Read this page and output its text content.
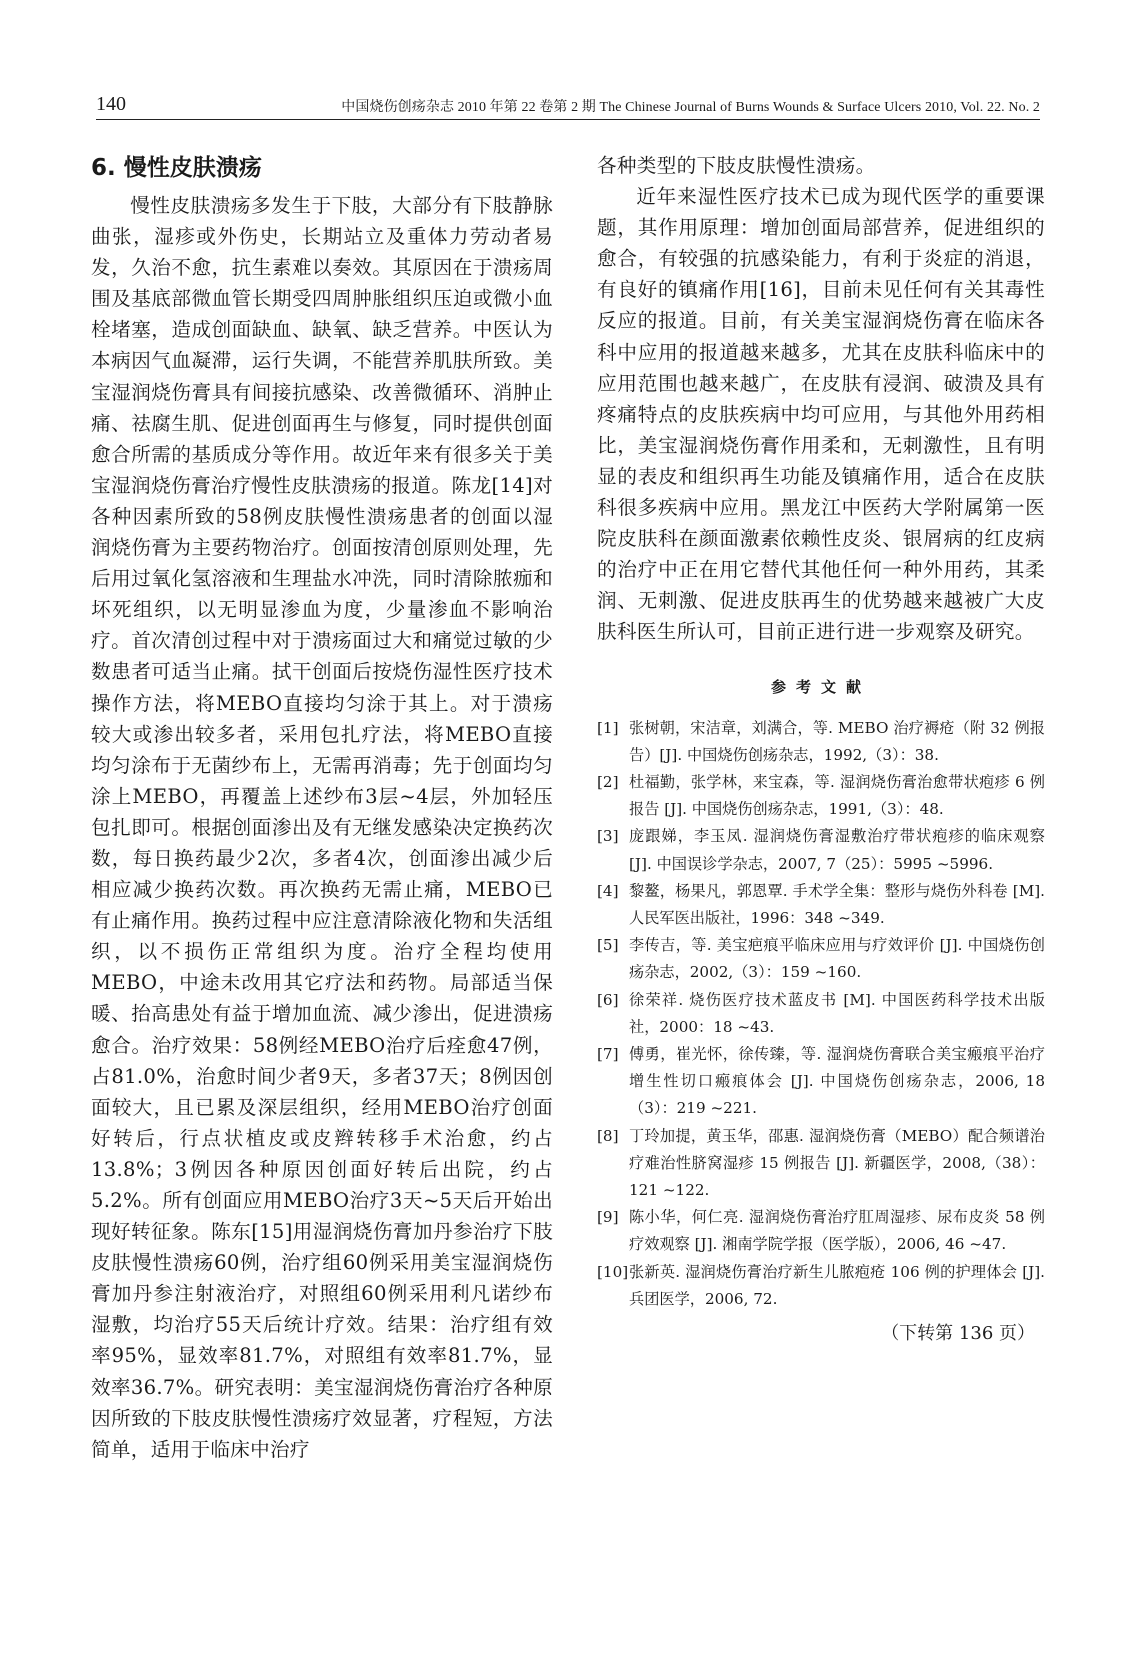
140	中国烧伤创疡杂志 2010 年第 22 卷第 2 期 The Chinese Journal of Burns Wounds & Surface Ulcers 2010, Vol. 22. No. 2
6. 慢性皮肤溃疡

慢性皮肤溃疡多发生于下肢，大部分有下肢静脉曲张，湿疹或外伤史，长期站立及重体力劳动者易发，久治不愈，抗生素难以奏效。其原因在于溃疡周围及基底部微血管长期受四周肿胀组织压迫或微小血栓堵塞，造成创面缺血、缺氧、缺乏营养。中医认为本病因气血凝滞，运行失调，不能营养肌肤所致。美宝湿润烧伤膏具有间接抗感染、改善微循环、消肿止痛、祛腐生肌、促进创面再生与修复，同时提供创面愈合所需的基质成分等作用。故近年来有很多关于美宝湿润烧伤膏治疗慢性皮肤溃疡的报道。陈龙[14]对各种因素所致的58例皮肤慢性溃疡患者的创面以湿润烧伤膏为主要药物治疗。创面按清创原则处理，先后用过氧化氢溶液和生理盐水冲洗，同时清除脓痂和坏死组织，以无明显渗血为度，少量渗血不影响治疗。首次清创过程中对于溃疡面过大和痛觉过敏的少数患者可适当止痛。拭干创面后按烧伤湿性医疗技术操作方法，将MEBO直接均匀涂于其上。对于溃疡较大或渗出较多者，采用包扎疗法，将MEBO直接均匀涂布于无菌纱布上，无需再消毒；先于创面均匀涂上MEBO，再覆盖上述纱布3层~4层，外加轻压包扎即可。根据创面渗出及有无继发感染决定换药次数，每日换药最少2次，多者4次，创面渗出减少后相应减少换药次数。再次换药无需止痛，MEBO已有止痛作用。换药过程中应注意清除液化物和失活组织，以不损伤正常组织为度。治疗全程均使用MEBO，中途未改用其它疗法和药物。局部适当保暖、抬高患处有益于增加血流、减少渗出，促进溃疡愈合。治疗效果：58例经MEBO治疗后痊愈47例，占81.0%，治愈时间少者9天，多者37天；8例因创面较大，且已累及深层组织，经用MEBO治疗创面好转后，行点状植皮或皮辫转移手术治愈，约占13.8%；3例因各种原因创面好转后出院，约占5.2%。所有创面应用MEBO治疗3天~5天后开始出现好转征象。陈东[15]用湿润烧伤膏加丹参治疗下肢皮肤慢性溃疡60例，治疗组60例采用美宝湿润烧伤膏加丹参注射液治疗，对照组60例采用利凡诺纱布湿敷，均治疗55天后统计疗效。结果：治疗组有效率95%，显效率81.7%，对照组有效率81.7%，显效率36.7%。研究表明：美宝湿润烧伤膏治疗各种原因所致的下肢皮肤慢性溃疡疗效显著，疗程短，方法简单，适用于临床中治疗

各种类型的下肢皮肤慢性溃疡。

近年来湿性医疗技术已成为现代医学的重要课题，其作用原理：增加创面局部营养，促进组织的愈合，有较强的抗感染能力，有利于炎症的消退，有良好的镇痛作用[16]，目前未见任何有关其毒性反应的报道。目前，有关美宝湿润烧伤膏在临床各科中应用的报道越来越多，尤其在皮肤科临床中的应用范围也越来越广，在皮肤有浸润、破溃及具有疼痛特点的皮肤疾病中均可应用，与其他外用药相比，美宝湿润烧伤膏作用柔和，无刺激性，且有明显的表皮和组织再生功能及镇痛作用，适合在皮肤科很多疾病中应用。黑龙江中医药大学附属第一医院皮肤科在颜面激素依赖性皮炎、银屑病的红皮病的治疗中正在用它替代其他任何一种外用药，其柔润、无刺激、促进皮肤再生的优势越来越被广大皮肤科医生所认可，目前正进行进一步观察及研究。

参考文献
[1] 张树朝，宋洁章，刘满合，等. MEBO 治疗褥疮（附 32 例报告）[J]. 中国烧伤创疡杂志，1992,（3）：38.
[2] 杜福勤，张学林，来宝森，等. 湿润烧伤膏治愈带状疱疹 6 例报告 [J]. 中国烧伤创疡杂志，1991,（3）：48.
[3] 庞跟娣，李玉凤. 湿润烧伤膏湿敷治疗带状疱疹的临床观察 [J]. 中国误诊学杂志，2007, 7（25）：5995 ~5996.
[4] 黎鳌，杨果凡，郭恩覃. 手术学全集：整形与烧伤外科卷 [M]. 人民军医出版社，1996：348 ~349.
[5] 李传吉，等. 美宝疤痕平临床应用与疗效评价 [J]. 中国烧伤创疡杂志，2002,（3）：159 ~160.
[6] 徐荣祥. 烧伤医疗技术蓝皮书 [M]. 中国医药科学技术出版社，2000：18 ~43.
[7] 傅勇，崔光怀，徐传臻，等. 湿润烧伤膏联合美宝瘢痕平治疗增生性切口瘢痕体会 [J]. 中国烧伤创疡杂志，2006, 18（3）：219 ~221.
[8] 丁玲加提，黄玉华，邵惠. 湿润烧伤膏（MEBO）配合频谱治疗难治性脐窝湿疹 15 例报告 [J]. 新疆医学，2008,（38）：121 ~122.
[9] 陈小华，何仁亮. 湿润烧伤膏治疗肛周湿疹、尿布皮炎 58 例疗效观察 [J]. 湘南学院学报（医学版），2006, 46 ~47.
[10] 张新英. 湿润烧伤膏治疗新生儿脓疱疮 106 例的护理体会 [J]. 兵团医学，2006, 72.
（下转第 136 页）
